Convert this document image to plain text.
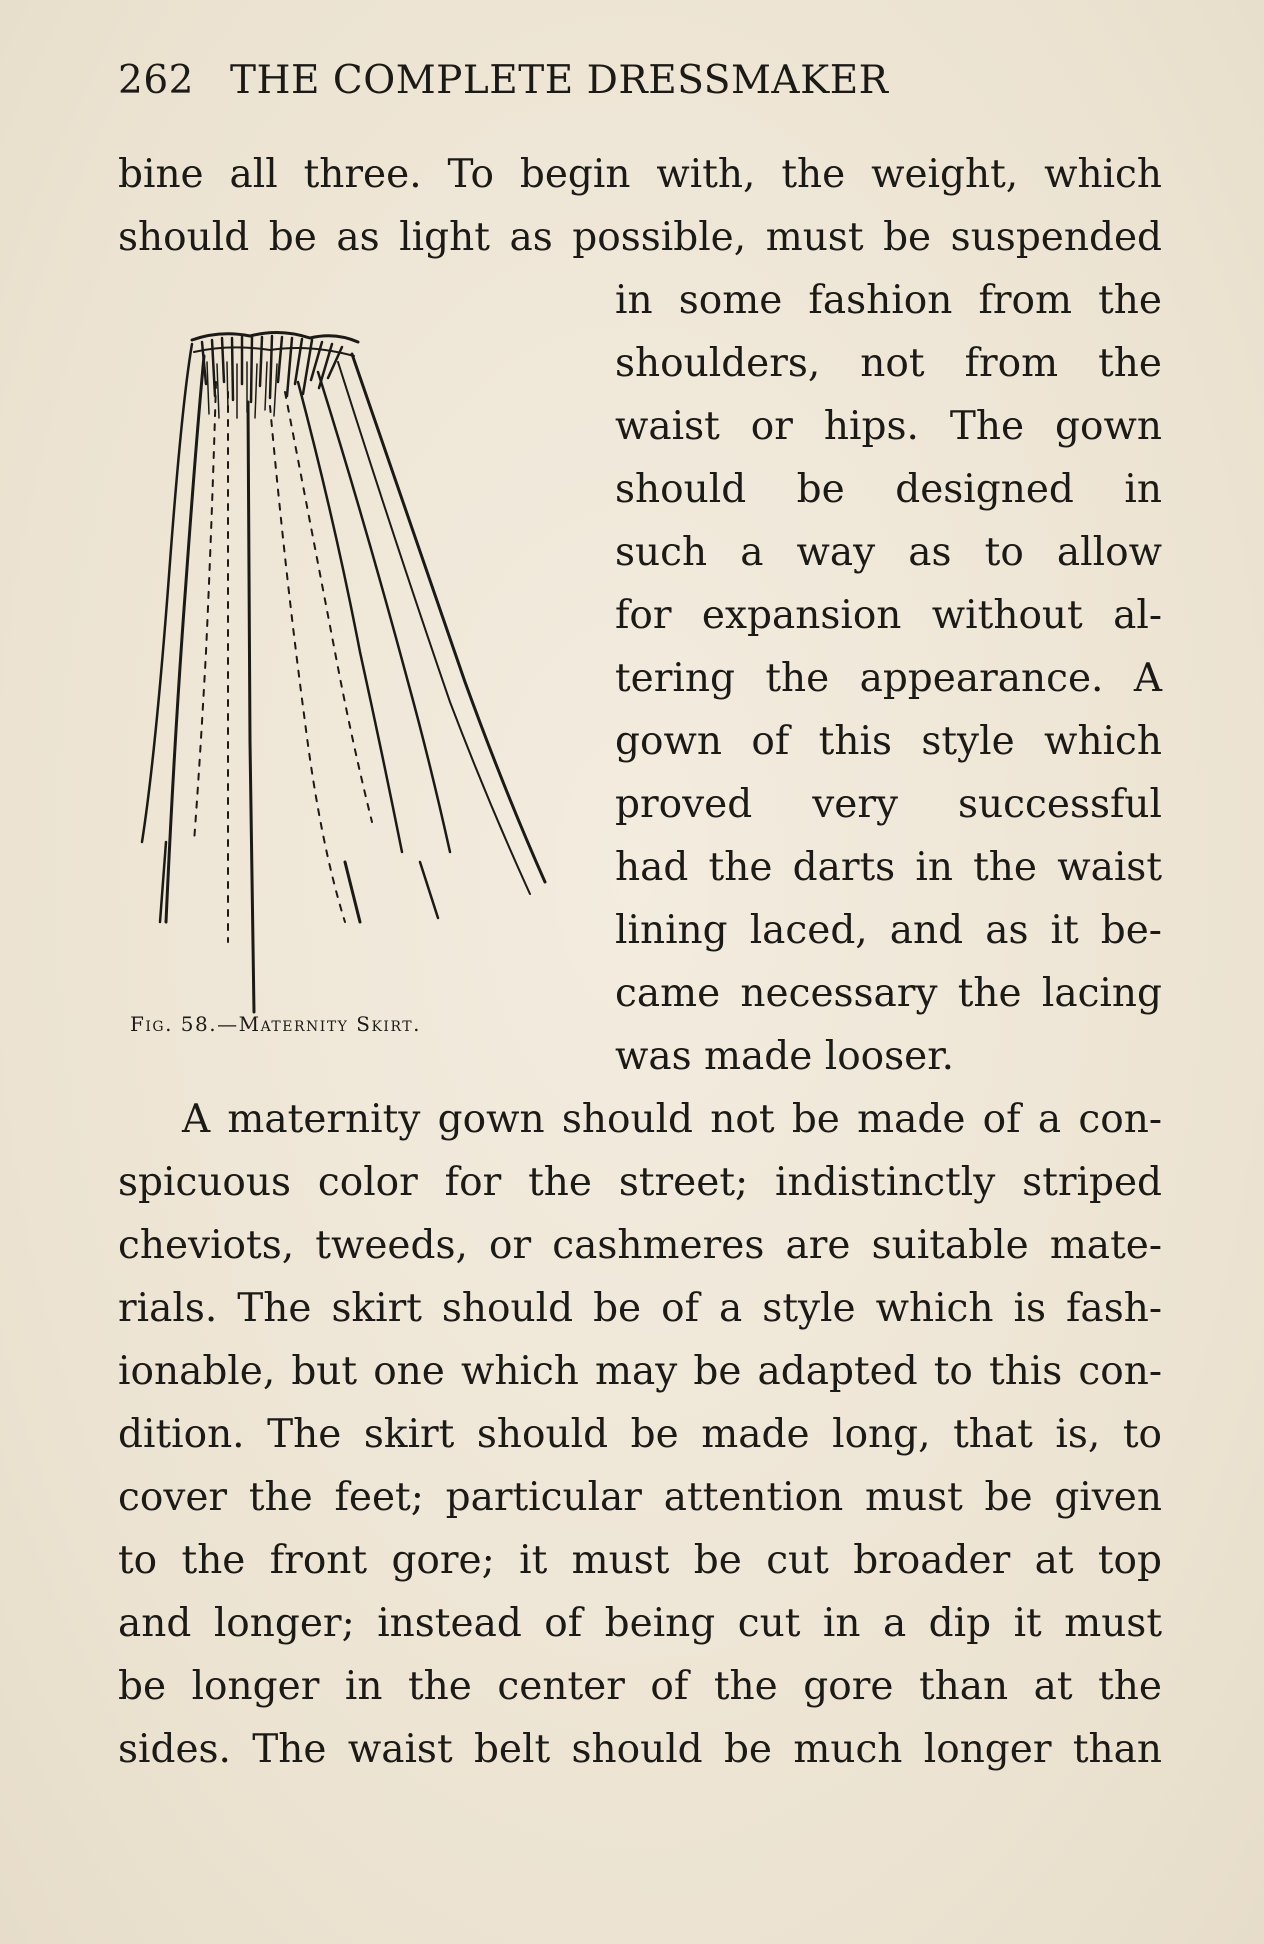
262 THE COMPLETE DRESSMAKER
bine all three. To begin with, the weight, which
should be as light as possible, must be suspended
in some fashion from the
shoulders, not from the
waist or hips. The gown
should be designed in
such a way as to allow
for expansion without al-
tering the appearance. A
gown of this style which
proved very successful
had the darts in the waist
lining laced, and as it be-
came necessary the lacing
was made looser.
A maternity gown should not be made of a con-
spicuous color for the street; indistinctly striped
cheviots, tweeds, or cashmeres are suitable mate-
rials. The skirt should be of a style which is fash-
ionable, but one which may be adapted to this con-
dition. The skirt should be made long, that is, to
cover the feet; particular attention must be given
to the front gore; it must be cut broader at top
and longer; instead of being cut in a dip it must
be longer in the center of the gore than at the
sides. The waist belt should be much longer than
Fig. 58.—Maternity Skirt.
